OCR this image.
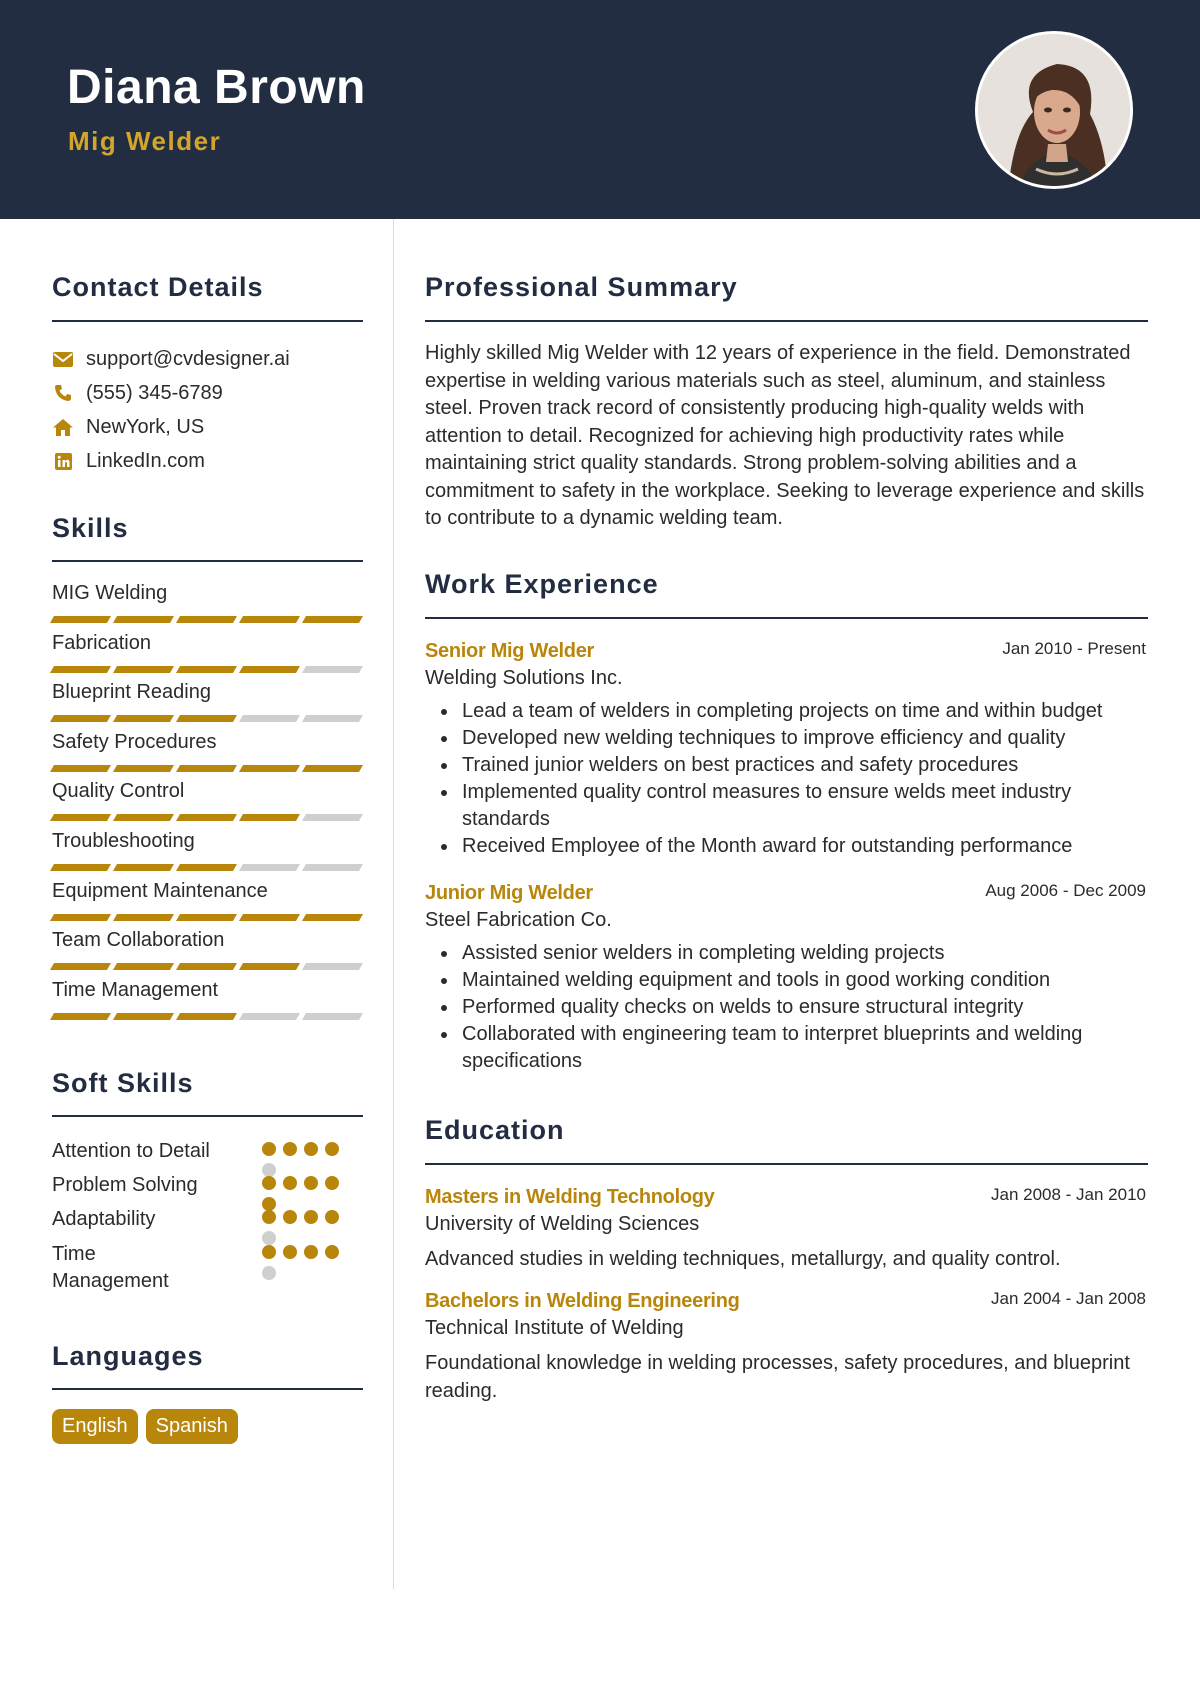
Diana Brown
Mig Welder
Contact Details
support@cvdesigner.ai
(555) 345-6789
NewYork, US
LinkedIn.com
Skills
MIG Welding
Fabrication
Blueprint Reading
Safety Procedures
Quality Control
Troubleshooting
Equipment Maintenance
Team Collaboration
Time Management
Soft Skills
Attention to Detail
Problem Solving
Adaptability
Time Management
Languages
English	Spanish
Professional Summary
Highly skilled Mig Welder with 12 years of experience in the field. Demonstrated expertise in welding various materials such as steel, aluminum, and stainless steel. Proven track record of consistently producing high-quality welds with attention to detail. Recognized for achieving high productivity rates while maintaining strict quality standards. Strong problem-solving abilities and a commitment to safety in the workplace. Seeking to leverage experience and skills to contribute to a dynamic welding team.
Work Experience
Senior Mig Welder	Jan 2010 - Present
Welding Solutions Inc.
Lead a team of welders in completing projects on time and within budget
Developed new welding techniques to improve efficiency and quality
Trained junior welders on best practices and safety procedures
Implemented quality control measures to ensure welds meet industry standards
Received Employee of the Month award for outstanding performance
Junior Mig Welder	Aug 2006 - Dec 2009
Steel Fabrication Co.
Assisted senior welders in completing welding projects
Maintained welding equipment and tools in good working condition
Performed quality checks on welds to ensure structural integrity
Collaborated with engineering team to interpret blueprints and welding specifications
Education
Masters in Welding Technology	Jan 2008 - Jan 2010
University of Welding Sciences
Advanced studies in welding techniques, metallurgy, and quality control.
Bachelors in Welding Engineering	Jan 2004 - Jan 2008
Technical Institute of Welding
Foundational knowledge in welding processes, safety procedures, and blueprint reading.
